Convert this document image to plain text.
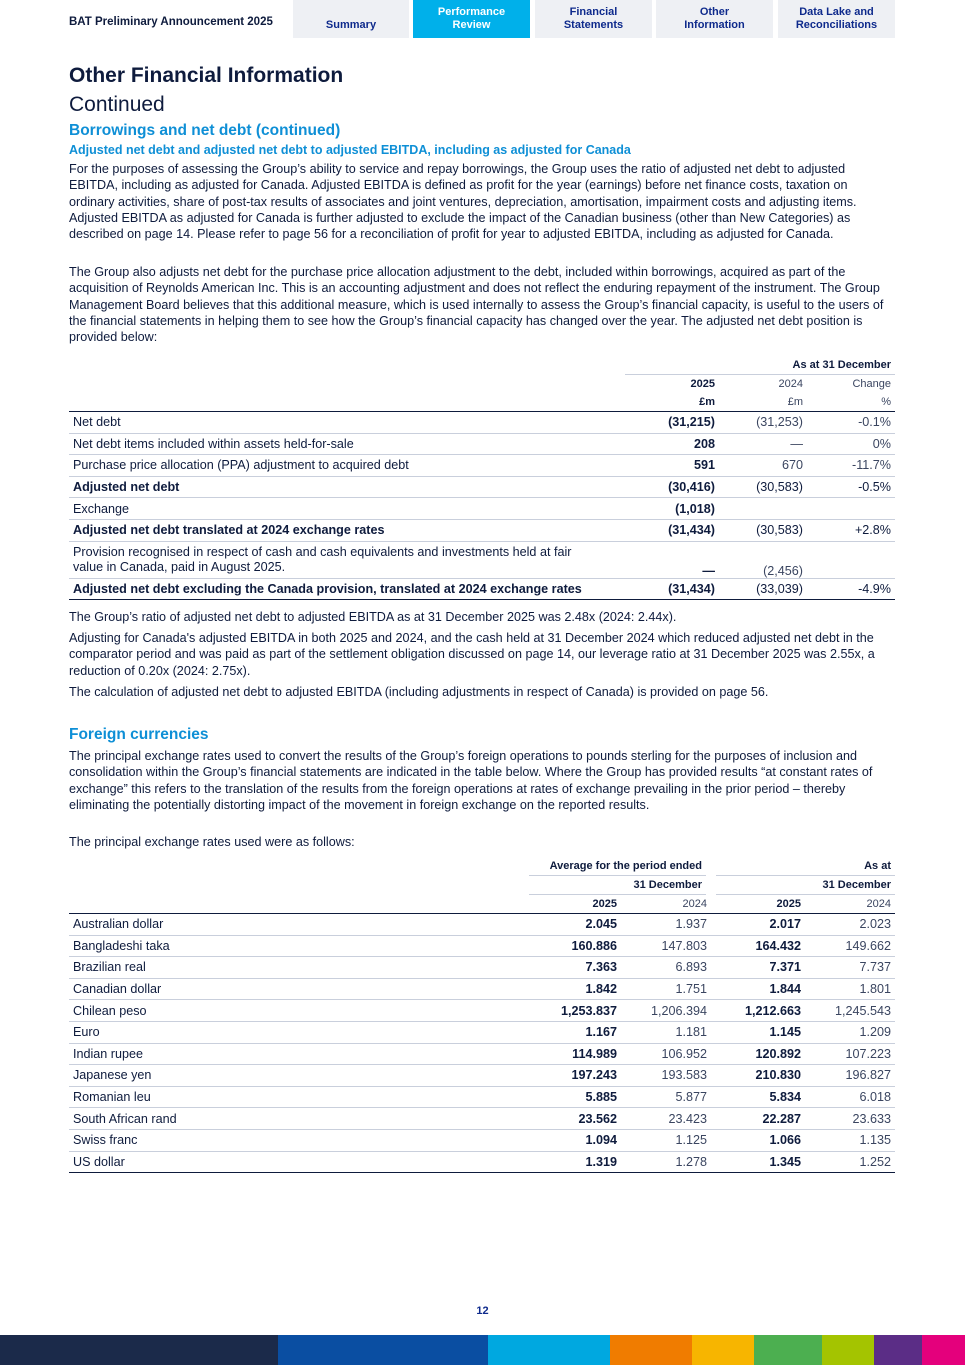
BAT Preliminary Announcement 2025	Summary
Performance
Review
Financial
Statements
Other
Information
Data Lake and
Reconciliations
Other Financial Information
Continued
Borrowings and net debt (continued)
Adjusted net debt and adjusted net debt to adjusted EBITDA, including as adjusted for Canada

For the purposes of assessing the Group’s ability to service and repay borrowings, the Group uses the ratio of adjusted net debt to adjusted EBITDA, including as adjusted for Canada. Adjusted EBITDA is defined as profit for the year (earnings) before net finance costs, taxation on ordinary activities, share of post-tax results of associates and joint ventures, depreciation, amortisation, impairment costs and adjusting items. Adjusted EBITDA as adjusted for Canada is further adjusted to exclude the impact of the Canadian business (other than New Categories) as described on page 14. Please refer to page 56 for a reconciliation of profit for year to adjusted EBITDA, including as adjusted for Canada.

The Group also adjusts net debt for the purchase price allocation adjustment to the debt, included within borrowings, acquired as part of the acquisition of Reynolds American Inc. This is an accounting adjustment and does not reflect the enduring repayment of the instrument. The Group Management Board believes that this additional measure, which is used internally to assess the Group’s financial capacity, is useful to the users of the financial statements in helping them to see how the Group’s financial capacity has changed over the year. The adjusted net debt position is provided below:

	As at 31 December		
	2025	2024	Change
	£m	£m	%
Net debt	(31,215)	(31,253)	-0.1%
Net debt items included within assets held-for-sale	208	—	0%
Purchase price allocation (PPA) adjustment to acquired debt	591	670	-11.7%
Adjusted net debt	(30,416)	(30,583)	-0.5%
Exchange	(1,018)		
Adjusted net debt translated at 2024 exchange rates	(31,434)	(30,583)	+2.8%
Provision recognised in respect of cash and cash equivalents and investments held at fair value in Canada, paid in August 2025.	—	(2,456)	
Adjusted net debt excluding the Canada provision, translated at 2024 exchange rates	(31,434)	(33,039)	-4.9%

The Group’s ratio of adjusted net debt to adjusted EBITDA as at 31 December 2025 was 2.48x (2024: 2.44x).

Adjusting for Canada's adjusted EBITDA in both 2025 and 2024, and the cash held at 31 December 2024 which reduced adjusted net debt in the comparator period and was paid as part of the settlement obligation discussed on page 14, our leverage ratio at 31 December 2025 was 2.55x, a reduction of 0.20x (2024: 2.75x).

The calculation of adjusted net debt to adjusted EBITDA (including adjustments in respect of Canada) is provided on page 56.

Foreign currencies

The principal exchange rates used to convert the results of the Group’s foreign operations to pounds sterling for the purposes of inclusion and consolidation within the Group’s financial statements are indicated in the table below. Where the Group has provided results “at constant rates of exchange” this refers to the translation of the results from the foreign operations at rates of exchange prevailing in the prior period – thereby eliminating the potentially distorting impact of the movement in foreign exchange on the reported results.

The principal exchange rates used were as follows:

	Average for the period ended		As at	
	31 December		31 December	
	2025	2024	2025	2024
Australian dollar	2.045	1.937	2.017	2.023
Bangladeshi taka	160.886	147.803	164.432	149.662
Brazilian real	7.363	6.893	7.371	7.737
Canadian dollar	1.842	1.751	1.844	1.801
Chilean peso	1,253.837	1,206.394	1,212.663	1,245.543
Euro	1.167	1.181	1.145	1.209
Indian rupee	114.989	106.952	120.892	107.223
Japanese yen	197.243	193.583	210.830	196.827
Romanian leu	5.885	5.877	5.834	6.018
South African rand	23.562	23.423	22.287	23.633
Swiss franc	1.094	1.125	1.066	1.135
US dollar	1.319	1.278	1.345	1.252
12
